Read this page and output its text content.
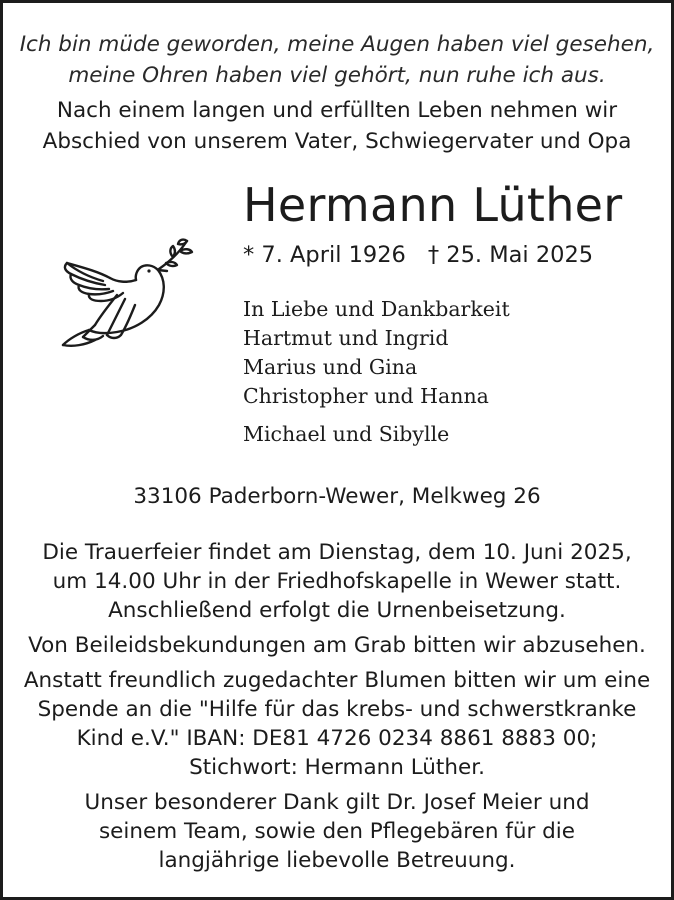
Ich bin müde geworden, meine Augen haben viel gesehen,
meine Ohren haben viel gehört, nun ruhe ich aus.
Nach einem langen und erfüllten Leben nehmen wir
Abschied von unserem Vater, Schwiegervater und Opa
Hermann Lüther
* 7. April 1926 † 25. Mai 2025
In Liebe und Dankbarkeit
Hartmut und Ingrid
Marius und Gina
Christopher und Hanna
Michael und Sibylle
33106 Paderborn-Wewer, Melkweg 26

Die Trauerfeier findet am Dienstag, dem 10. Juni 2025,
um 14.00 Uhr in der Friedhofskapelle in Wewer statt.
Anschließend erfolgt die Urnenbeisetzung.

Von Beileidsbekundungen am Grab bitten wir abzusehen.

Anstatt freundlich zugedachter Blumen bitten wir um eine
Spende an die "Hilfe für das krebs- und schwerstkranke
Kind e.V." IBAN: DE81 4726 0234 8861 8883 00;
Stichwort: Hermann Lüther.

Unser besonderer Dank gilt Dr. Josef Meier und
seinem Team, sowie den Pflegebären für die
langjährige liebevolle Betreuung.
